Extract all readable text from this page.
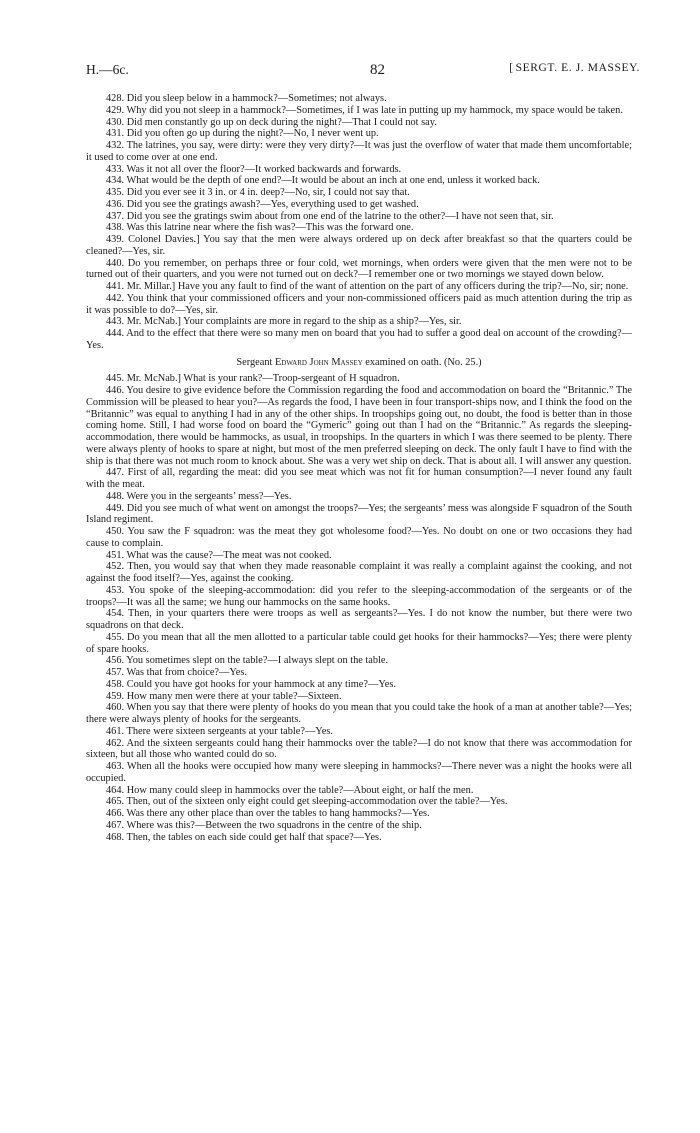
H.—6c.	82
[	SERGT. E. J. MASSEY.

428. Did you sleep below in a hammock?—Sometimes; not always.

429. Why did you not sleep in a hammock?—Sometimes, if I was late in putting up my hammock, my space would be taken.

430. Did men constantly go up on deck during the night?—That I could not say.

431. Did you often go up during the night?—No, I never went up.

432. The latrines, you say, were dirty: were they very dirty?—It was just the overflow of water that made them uncomfortable; it used to come over at one end.

433. Was it not all over the floor?—It worked backwards and forwards.

434. What would be the depth of one end?—It would be about an inch at one end, unless it worked back.

435. Did you ever see it 3 in. or 4 in. deep?—No, sir, I could not say that.

436. Did you see the gratings awash?—Yes, everything used to get washed.

437. Did you see the gratings swim about from one end of the latrine to the other?—I have not seen that, sir.

438. Was this latrine near where the fish was?—This was the forward one.

439. Colonel Davies.] You say that the men were always ordered up on deck after breakfast so that the quarters could be cleaned?—Yes, sir.

440. Do you remember, on perhaps three or four cold, wet mornings, when orders were given that the men were not to be turned out of their quarters, and you were not turned out on deck?—I remember one or two mornings we stayed down below.

441. Mr. Millar.] Have you any fault to find of the want of attention on the part of any officers during the trip?—No, sir; none.

442. You think that your commissioned officers and your non-commissioned officers paid as much attention during the trip as it was possible to do?—Yes, sir.

443. Mr. McNab.] Your complaints are more in regard to the ship as a ship?—Yes, sir.

444. And to the effect that there were so many men on board that you had to suffer a good deal on account of the crowding?—Yes.

Sergeant Edward John Massey examined on oath. (No. 25.)

445. Mr. McNab.] What is your rank?—Troop-sergeant of H squadron.

446. You desire to give evidence before the Commission regarding the food and accommodation on board the “Britannic.” The Commission will be pleased to hear you?—As regards the food, I have been in four transport-ships now, and I think the food on the “Britannic” was equal to anything I had in any of the other ships. In troopships going out, no doubt, the food is better than in those coming home. Still, I had worse food on board the “Gymeric” going out than I had on the “Britannic.” As regards the sleeping-accommodation, there would be hammocks, as usual, in troopships. In the quarters in which I was there seemed to be plenty. There were always plenty of hooks to spare at night, but most of the men preferred sleeping on deck. The only fault I have to find with the ship is that there was not much room to knock about. She was a very wet ship on deck. That is about all. I will answer any question.

447. First of all, regarding the meat: did you see meat which was not fit for human consumption?—I never found any fault with the meat.

448. Were you in the sergeants’ mess?—Yes.

449. Did you see much of what went on amongst the troops?—Yes; the sergeants’ mess was alongside F squadron of the South Island regiment.

450. You saw the F squadron: was the meat they got wholesome food?—Yes. No doubt on one or two occasions they had cause to complain.

451. What was the cause?—The meat was not cooked.

452. Then, you would say that when they made reasonable complaint it was really a complaint against the cooking, and not against the food itself?—Yes, against the cooking.

453. You spoke of the sleeping-accommodation: did you refer to the sleeping-accommodation of the sergeants or of the troops?—It was all the same; we hung our hammocks on the same hooks.

454. Then, in your quarters there were troops as well as sergeants?—Yes. I do not know the number, but there were two squadrons on that deck.

455. Do you mean that all the men allotted to a particular table could get hooks for their hammocks?—Yes; there were plenty of spare hooks.

456. You sometimes slept on the table?—I always slept on the table.

457. Was that from choice?—Yes.

458. Could you have got hooks for your hammock at any time?—Yes.

459. How many men were there at your table?—Sixteen.

460. When you say that there were plenty of hooks do you mean that you could take the hook of a man at another table?—Yes; there were always plenty of hooks for the sergeants.

461. There were sixteen sergeants at your table?—Yes.

462. And the sixteen sergeants could hang their hammocks over the table?—I do not know that there was accommodation for sixteen, but all those who wanted could do so.

463. When all the hooks were occupied how many were sleeping in hammocks?—There never was a night the hooks were all occupied.

464. How many could sleep in hammocks over the table?—About eight, or half the men.

465. Then, out of the sixteen only eight could get sleeping-accommodation over the table?—Yes.

466. Was there any other place than over the tables to hang hammocks?—Yes.

467. Where was this?—Between the two squadrons in the centre of the ship.

468. Then, the tables on each side could get half that space?—Yes.
